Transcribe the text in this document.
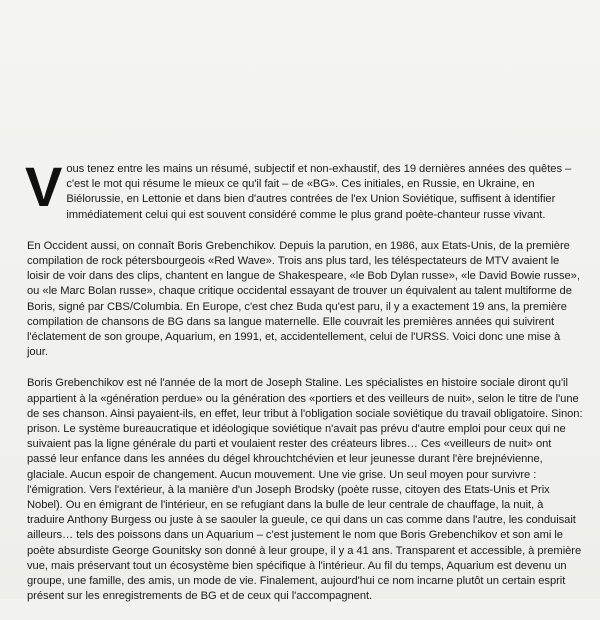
Vous tenez entre les mains un résumé, subjectif et non-exhaustif, des 19 dernières années des quêtes – c'est le mot qui résume le mieux ce qu'il fait – de «BG». Ces initiales, en Russie, en Ukraine, en Biélorussie, en Lettonie et dans bien d'autres contrées de l'ex Union Soviétique, suffisent à identifier immédiatement celui qui est souvent considéré comme le plus grand poète-chanteur russe vivant.

En Occident aussi, on connaît Boris Grebenchikov. Depuis la parution, en 1986, aux Etats-Unis, de la première compilation de rock pétersbourgeois «Red Wave». Trois ans plus tard, les téléspectateurs de MTV avaient le loisir de voir dans des clips, chantent en langue de Shakespeare, «le Bob Dylan russe», «le David Bowie russe», ou «le Marc Bolan russe», chaque critique occidental essayant de trouver un équivalent au talent multiforme de Boris, signé par CBS/Columbia. En Europe, c'est chez Buda qu'est paru, il y a exactement 19 ans, la première compilation de chansons de BG dans sa langue maternelle. Elle couvrait les premières années qui suivirent l'éclatement de son groupe, Aquarium, en 1991, et, accidentellement, celui de l'URSS. Voici donc une mise à jour.

Boris Grebenchikov est né l'année de la mort de Joseph Staline. Les spécialistes en histoire sociale diront qu'il appartient à la «génération perdue» ou la génération des «portiers et des veilleurs de nuit», selon le titre de l'une de ses chanson. Ainsi payaient-ils, en effet, leur tribut à l'obligation sociale soviétique du travail obligatoire. Sinon: prison. Le système bureaucratique et idéologique soviétique n'avait pas prévu d'autre emploi pour ceux qui ne suivaient pas la ligne générale du parti et voulaient rester des créateurs libres… Ces «veilleurs de nuit» ont passé leur enfance dans les années du dégel khrouchtchévien et leur jeunesse durant l'ère brejnévienne, glaciale. Aucun espoir de changement. Aucun mouvement. Une vie grise. Un seul moyen pour survivre : l'émigration. Vers l'extérieur, à la manière d'un Joseph Brodsky (poète russe, citoyen des Etats-Unis et Prix Nobel). Ou en émigrant de l'intérieur, en se refugiant dans la bulle de leur centrale de chauffage, la nuit, à traduire Anthony Burgess ou juste à se saouler la gueule, ce qui dans un cas comme dans l'autre, les conduisait ailleurs… tels des poissons dans un Aquarium – c'est justement le nom que Boris Grebenchikov et son ami le poète absurdiste George Gounitsky son donné à leur groupe, il y a 41 ans. Transparent et accessible, à première vue, mais préservant tout un écosystème bien spécifique à l'intérieur. Au fil du temps, Aquarium est devenu un groupe, une famille, des amis, un mode de vie. Finalement, aujourd'hui ce nom incarne plutôt un certain esprit présent sur les enregistrements de BG et de ceux qui l'accompagnent.
